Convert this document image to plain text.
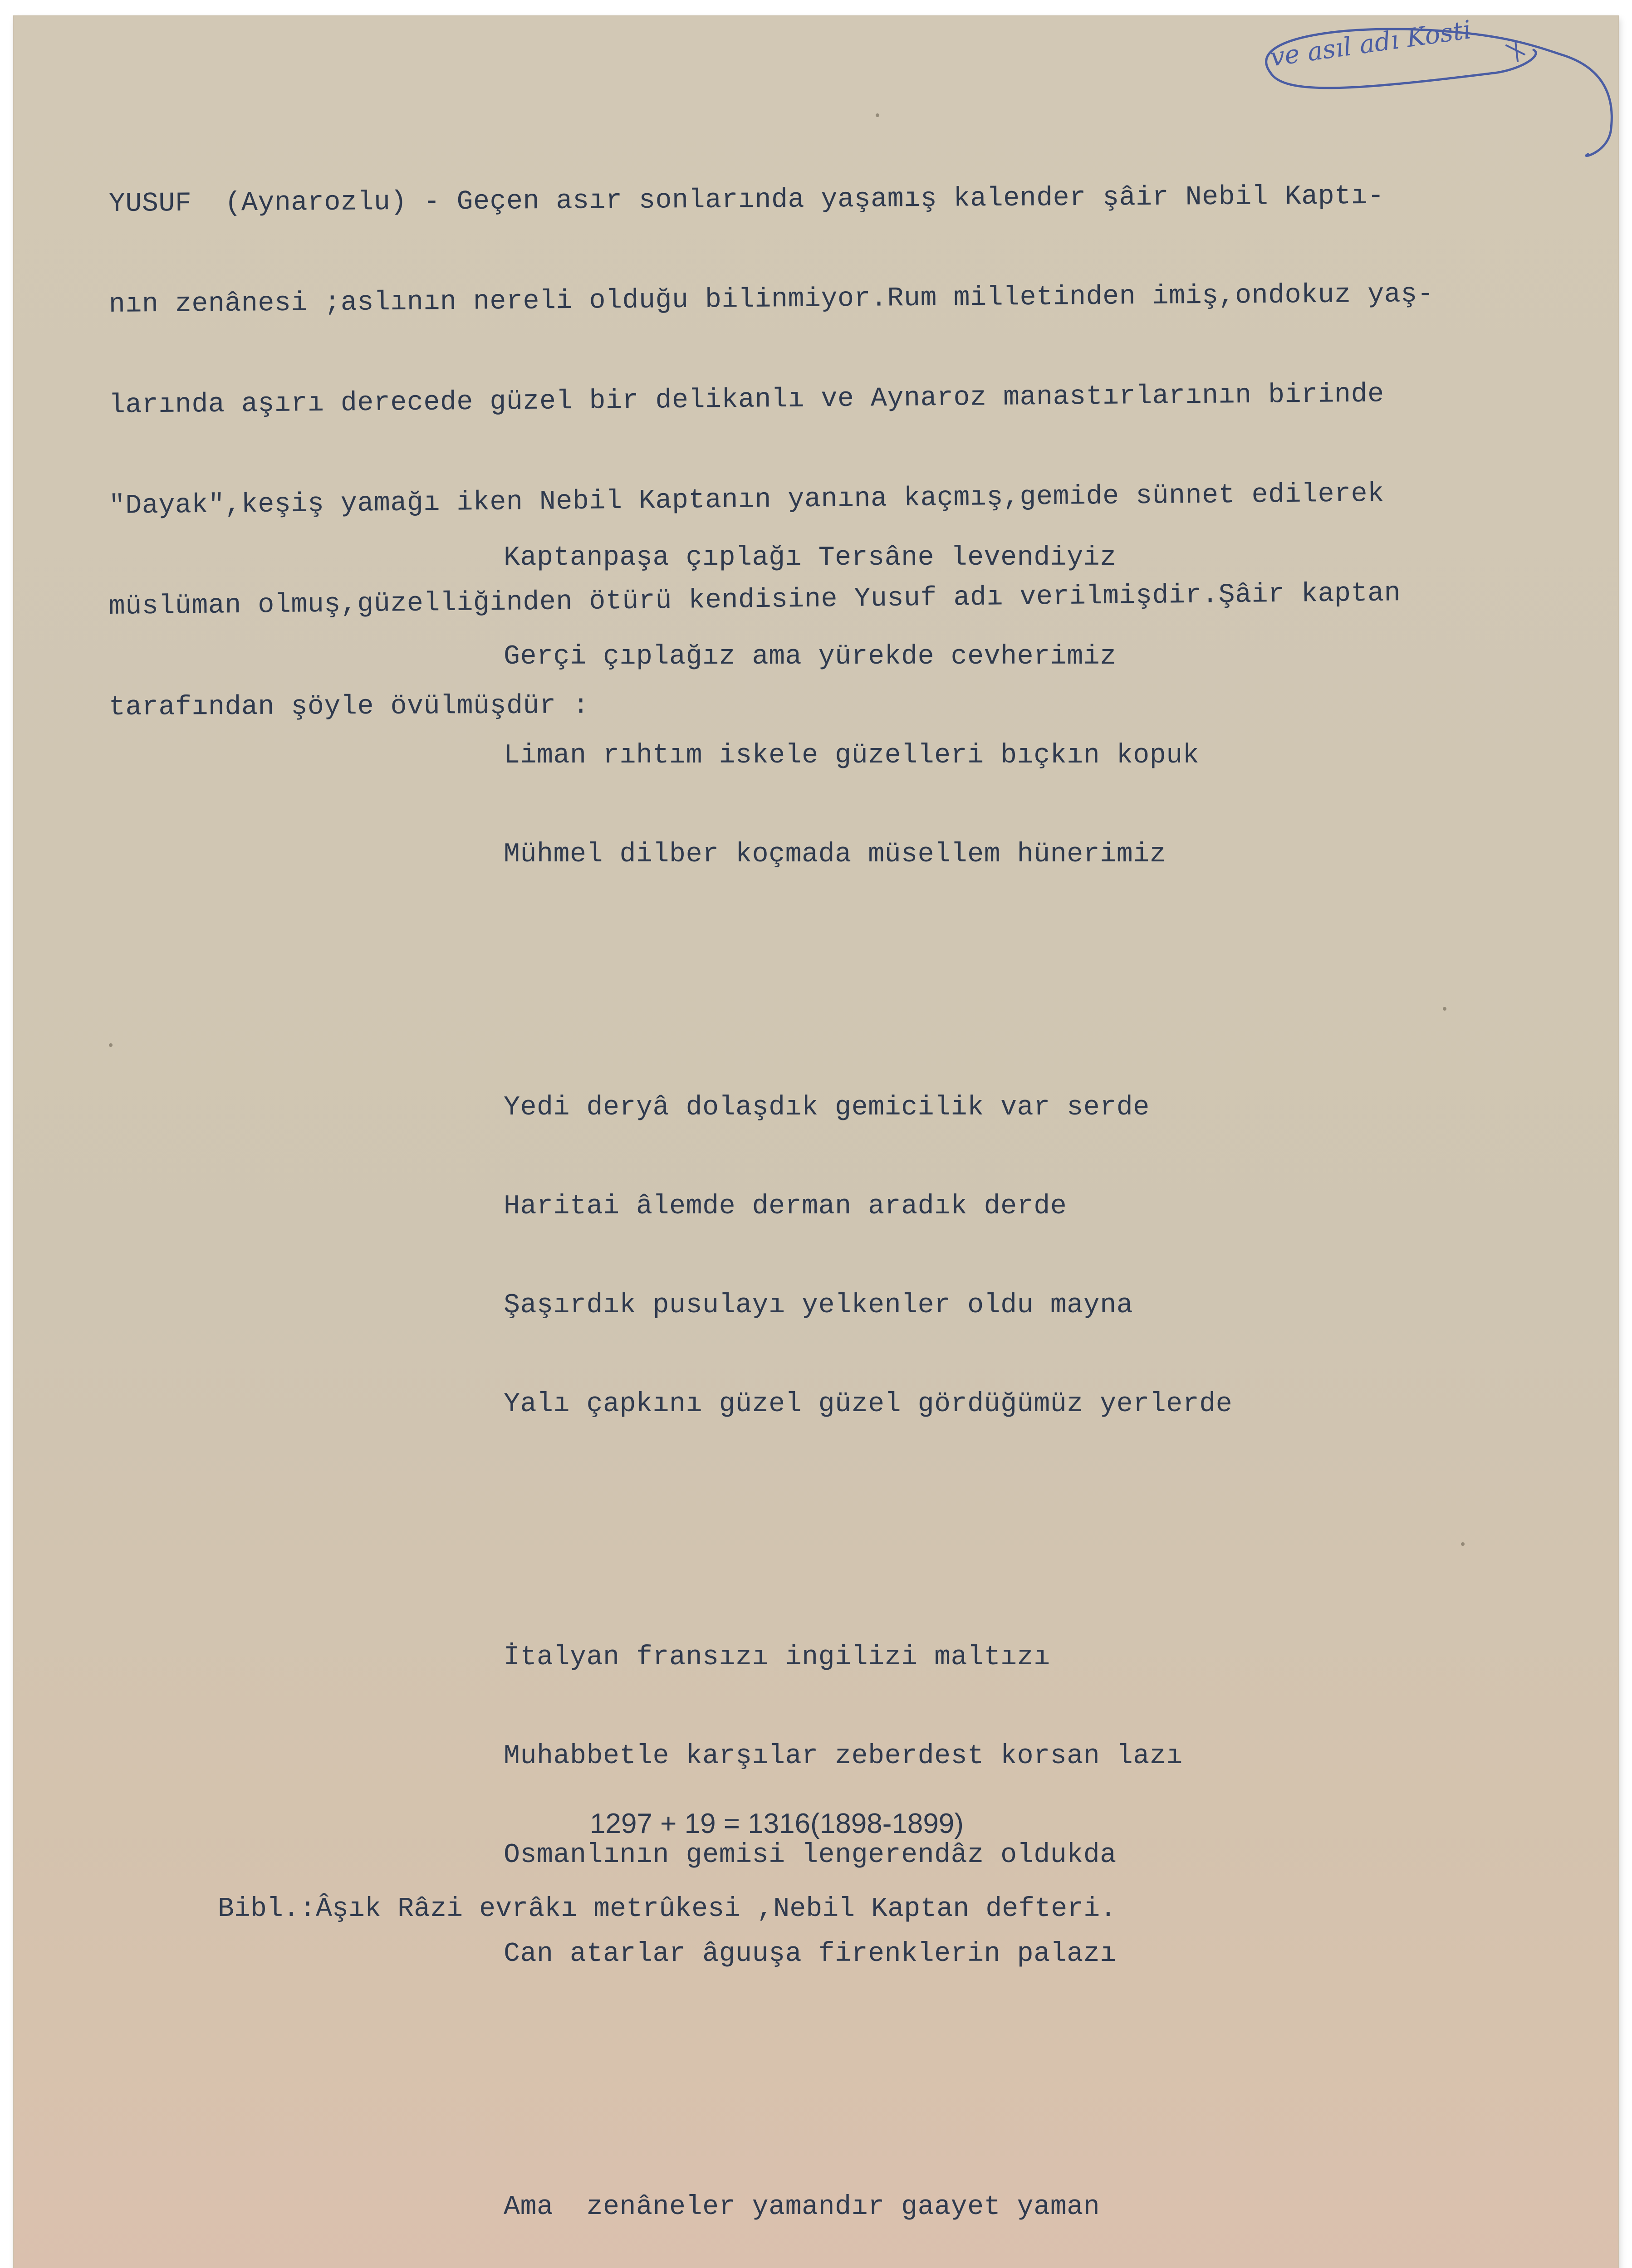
ve asıl adı Kosti

YUSUF  (Aynarozlu) - Geçen asır sonlarında yaşamış kalender şâir Nebil Kaptı-

nın zenânesi ;aslının nereli olduğu bilinmiyor.Rum milletinden imiş,ondokuz yaş-

larında aşırı derecede güzel bir delikanlı ve Aynaroz manastırlarının birinde

"Dayak",keşiş yamağı iken Nebil Kaptanın yanına kaçmış,gemide sünnet edilerek

müslüman olmuş,güzelliğinden ötürü kendisine Yusuf adı verilmişdir.Şâir kaptan

tarafından şöyle övülmüşdür :

Kaptanpaşa çıplağı Tersâne levendiyiz

Gerçi çıplağız ama yürekde cevherimiz

Liman rıhtım iskele güzelleri bıçkın kopuk

Mühmel dilber koçmada müsellem hünerimiz

Yedi deryâ dolaşdık gemicilik var serde

Haritai âlemde derman aradık derde

Şaşırdık pusulayı yelkenler oldu mayna

Yalı çapkını güzel güzel gördüğümüz yerlerde

İtalyan fransızı ingilizi maltızı

Muhabbetle karşılar zeberdest korsan lazı

Osmanlının gemisi lengerendâz oldukda

Can atarlar âguuşa firenklerin palazı

Ama  zenâneler yamandır gaayet yaman

1297 + 19 = 1316(1898-1899)
Bibl.:Âşık Râzi evrâkı metrûkesi ,Nebil Kaptan defteri.
